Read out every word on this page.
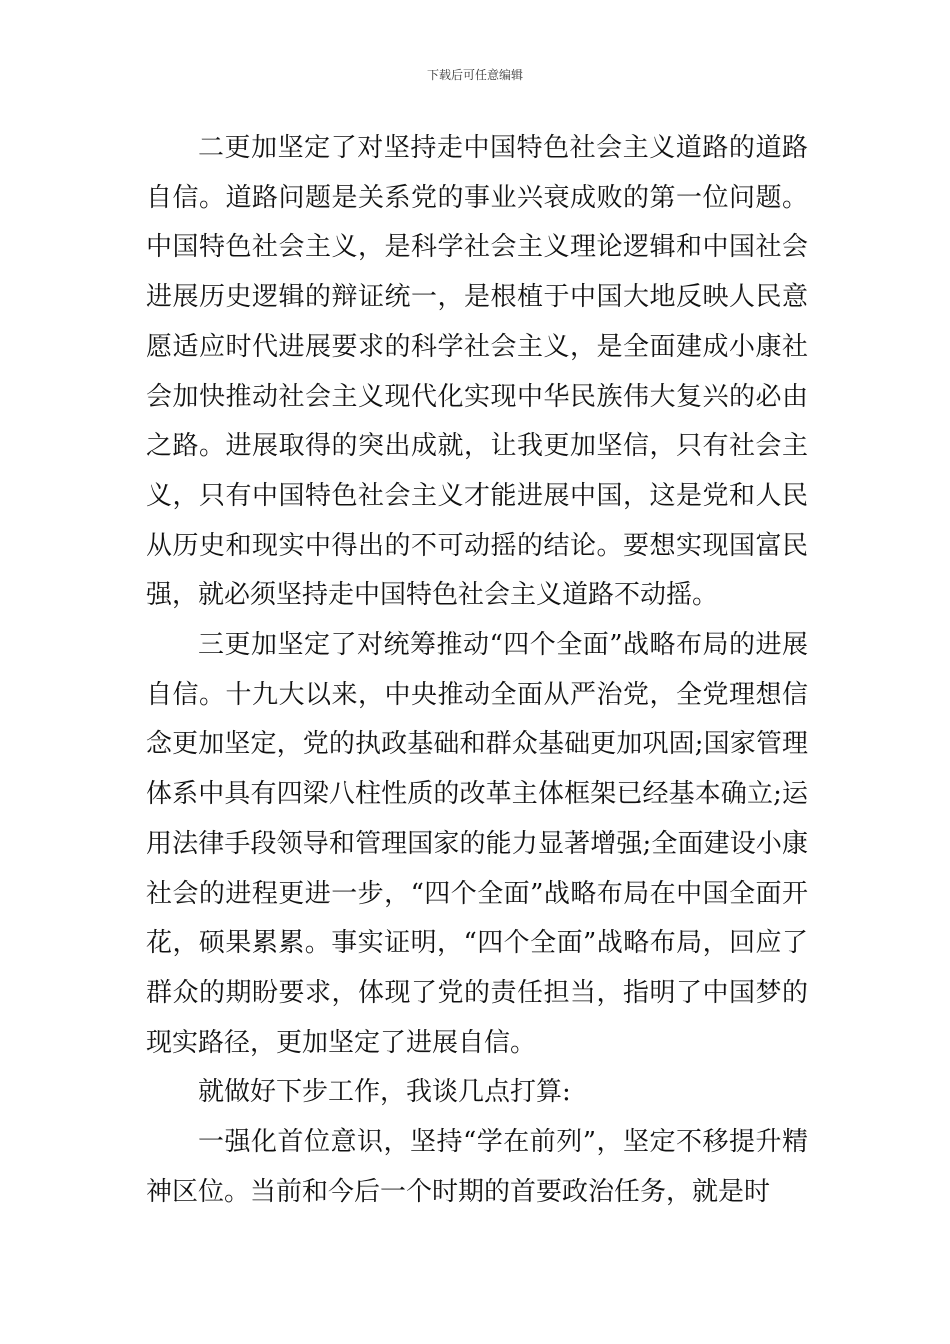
下载后可任意编辑

二更加坚定了对坚持走中国特色社会主义道路的道路自信。道路问题是关系党的事业兴衰成败的第一位问题。中国特色社会主义，是科学社会主义理论逻辑和中国社会进展历史逻辑的辩证统一，是根植于中国大地反映人民意愿适应时代进展要求的科学社会主义，是全面建成小康社会加快推动社会主义现代化实现中华民族伟大复兴的必由之路。进展取得的突出成就，让我更加坚信，只有社会主义，只有中国特色社会主义才能进展中国，这是党和人民从历史和现实中得出的不可动摇的结论。要想实现国富民强，就必须坚持走中国特色社会主义道路不动摇。

三更加坚定了对统筹推动“四个全面”战略布局的进展自信。十九大以来，中央推动全面从严治党，全党理想信念更加坚定，党的执政基础和群众基础更加巩固;国家管理体系中具有四梁八柱性质的改革主体框架已经基本确立;运用法律手段领导和管理国家的能力显著增强;全面建设小康社会的进程更进一步，“四个全面”战略布局在中国全面开花，硕果累累。事实证明，“四个全面”战略布局，回应了群众的期盼要求，体现了党的责任担当，指明了中国梦的现实路径，更加坚定了进展自信。

就做好下步工作，我谈几点打算:

一强化首位意识，坚持“学在前列”，坚定不移提升精神区位。当前和今后一个时期的首要政治任务，就是时
